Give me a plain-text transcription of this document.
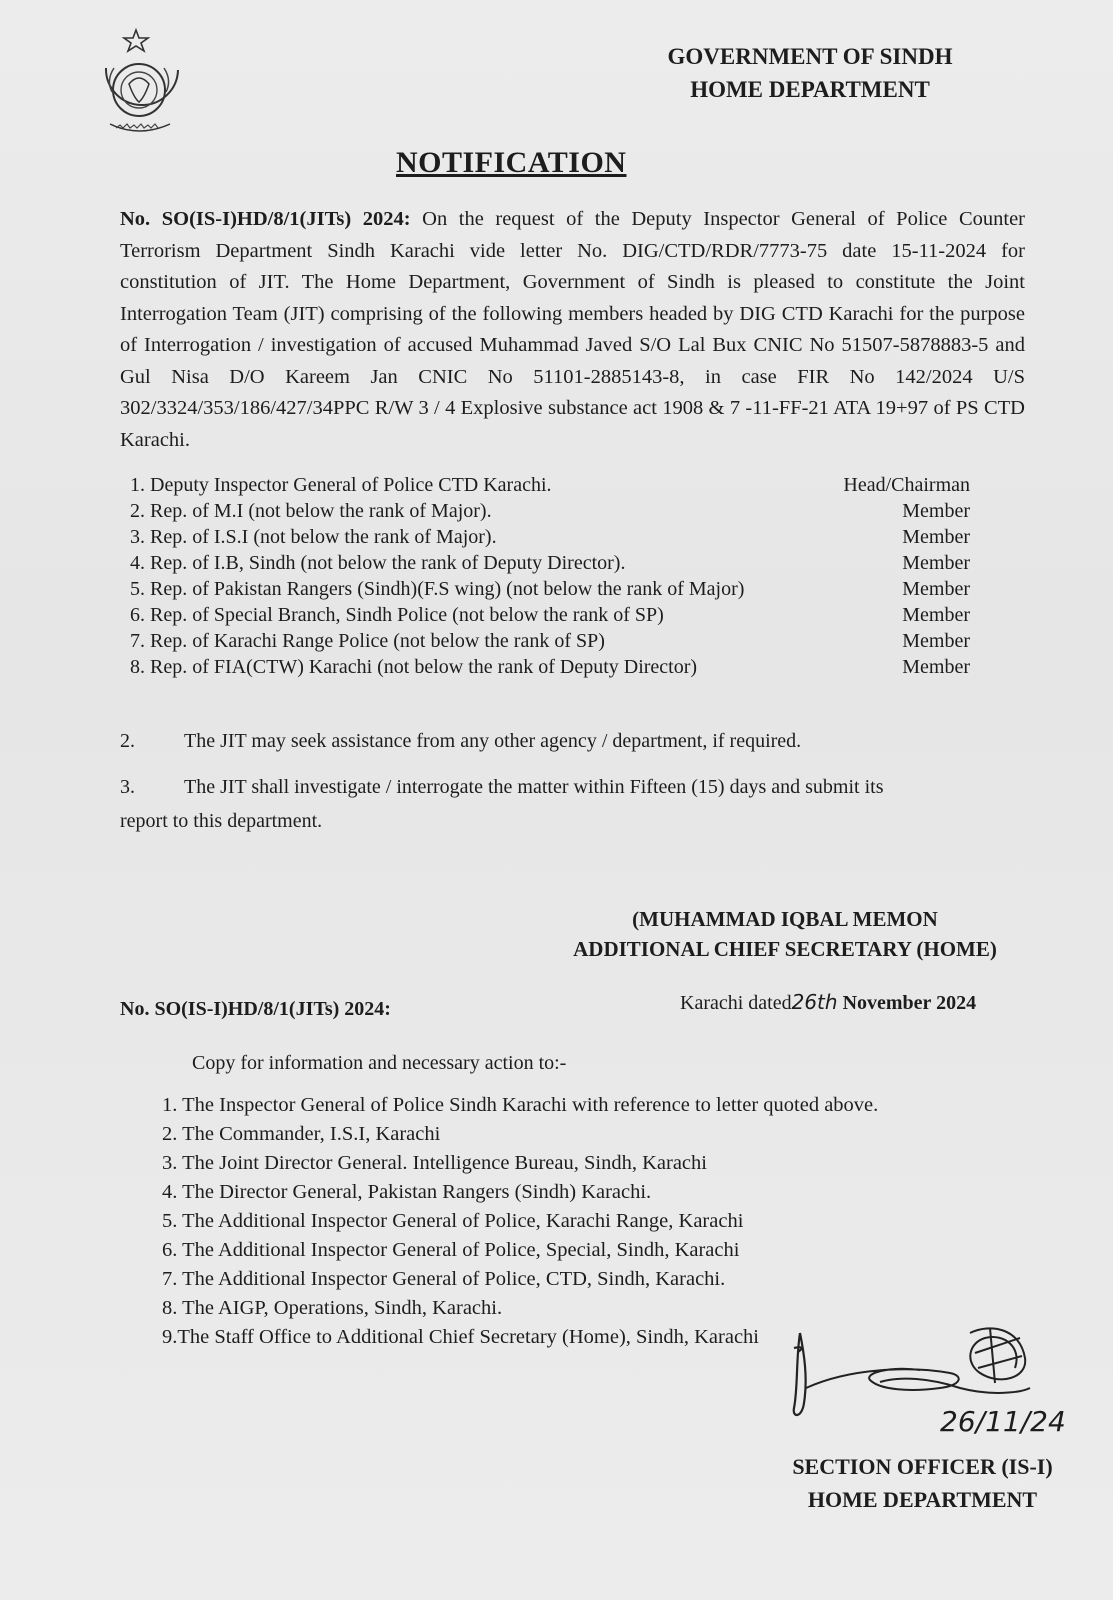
GOVERNMENT OF SINDH
HOME DEPARTMENT
NOTIFICATION
No. SO(IS-I)HD/8/1(JITs) 2024: On the request of the Deputy Inspector General of Police Counter Terrorism Department Sindh Karachi vide letter No. DIG/CTD/RDR/7773-75 date 15-11-2024 for constitution of JIT. The Home Department, Government of Sindh is pleased to constitute the Joint Interrogation Team (JIT) comprising of the following members headed by DIG CTD Karachi for the purpose of Interrogation / investigation of accused Muhammad Javed S/O Lal Bux CNIC No 51507-5878883-5 and Gul Nisa D/O Kareem Jan CNIC No 51101-2885143-8, in case FIR No 142/2024 U/S 302/3324/353/186/427/34PPC R/W 3 / 4 Explosive substance act 1908 & 7 -11-FF-21 ATA 19+97 of PS CTD Karachi.
1. Deputy Inspector General of Police CTD Karachi.	Head/Chairman
2. Rep. of M.I (not below the rank of Major).	Member
3. Rep. of I.S.I (not below the rank of Major).	Member
4. Rep. of I.B, Sindh (not below the rank of Deputy Director).	Member
5. Rep. of Pakistan Rangers (Sindh)(F.S wing) (not below the rank of Major)	Member
6. Rep. of Special Branch, Sindh Police (not below the rank of SP)	Member
7. Rep. of Karachi Range Police (not below the rank of SP)	Member
8. Rep. of FIA(CTW) Karachi (not below the rank of Deputy Director)	Member
2. The JIT may seek assistance from any other agency / department, if required.
3. The JIT shall investigate / interrogate the matter within Fifteen (15) days and submit its
report to this department.
(MUHAMMAD IQBAL MEMON
ADDITIONAL CHIEF SECRETARY (HOME)
No. SO(IS-I)HD/8/1(JITs) 2024:	Karachi dated26th November 2024
Copy for information and necessary action to:-
1. The Inspector General of Police Sindh Karachi with reference to letter quoted above.
2. The Commander, I.S.I, Karachi
3. The Joint Director General. Intelligence Bureau, Sindh, Karachi
4. The Director General, Pakistan Rangers (Sindh) Karachi.
5. The Additional Inspector General of Police, Karachi Range, Karachi
6. The Additional Inspector General of Police, Special, Sindh, Karachi
7. The Additional Inspector General of Police, CTD, Sindh, Karachi.
8. The AIGP, Operations, Sindh, Karachi.
9.The Staff Office to Additional Chief Secretary (Home), Sindh, Karachi
26/11/24
SECTION OFFICER (IS-I)
HOME DEPARTMENT
